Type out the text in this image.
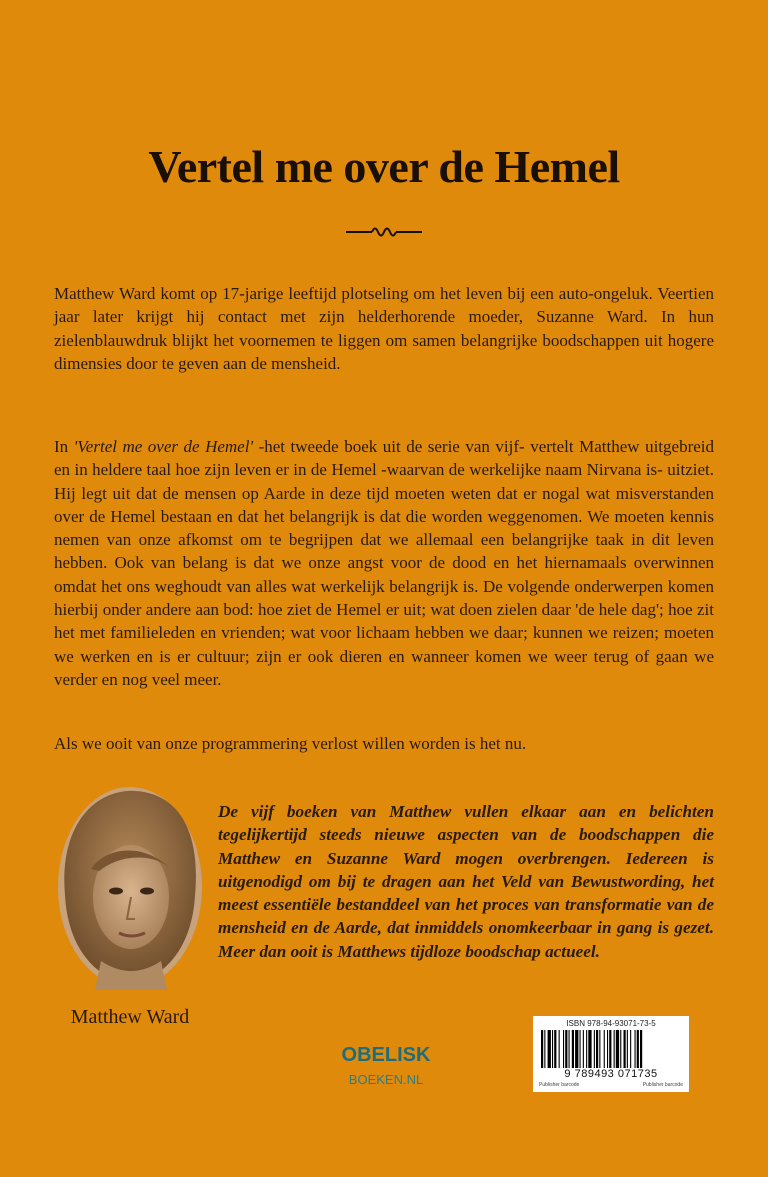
Vertel me over de Hemel

Matthew Ward komt op 17-jarige leeftijd plotseling om het leven bij een auto-ongeluk. Veertien jaar later krijgt hij contact met zijn helderhorende moeder, Suzanne Ward. In hun zielenblauwdruk blijkt het voornemen te liggen om samen belangrijke boodschappen uit hogere dimensies door te geven aan de mensheid.

In 'Vertel me over de Hemel' -het tweede boek uit de serie van vijf- vertelt Matthew uitgebreid en in heldere taal hoe zijn leven er in de Hemel -waarvan de werkelijke naam Nirvana is- uitziet. Hij legt uit dat de mensen op Aarde in deze tijd moeten weten dat er nogal wat misverstanden over de Hemel bestaan en dat het belangrijk is dat die worden weggenomen. We moeten kennis nemen van onze afkomst om te begrijpen dat we allemaal een belangrijke taak in dit leven hebben. Ook van belang is dat we onze angst voor de dood en het hiernamaals overwinnen omdat het ons weghoudt van alles wat werkelijk belangrijk is. De volgende onderwerpen komen hierbij onder andere aan bod: hoe ziet de Hemel er uit; wat doen zielen daar 'de hele dag'; hoe zit het met familieleden en vrienden; wat voor lichaam hebben we daar; kunnen we reizen; moeten we werken en is er cultuur; zijn er ook dieren en wanneer komen we weer terug of gaan we verder en nog veel meer.

Als we ooit van onze programmering verlost willen worden is het nu.

Matthew Ward

De vijf boeken van Matthew vullen elkaar aan en belichten tegelijkertijd steeds nieuwe aspecten van de boodschappen die Matthew en Suzanne Ward mogen overbrengen. Iedereen is uitgenodigd om bij te dragen aan het Veld van Bewustwording, het meest essentiële bestanddeel van het proces van transformatie van de mensheid en de Aarde, dat inmiddels onomkeerbaar in gang is gezet. Meer dan ooit is Matthews tijdloze boodschap actueel.

OBELISK
BOEKEN.NL
ISBN 978-94-93071-73-5
9 789493 071735
Publisher barcode	Publisher barcode
